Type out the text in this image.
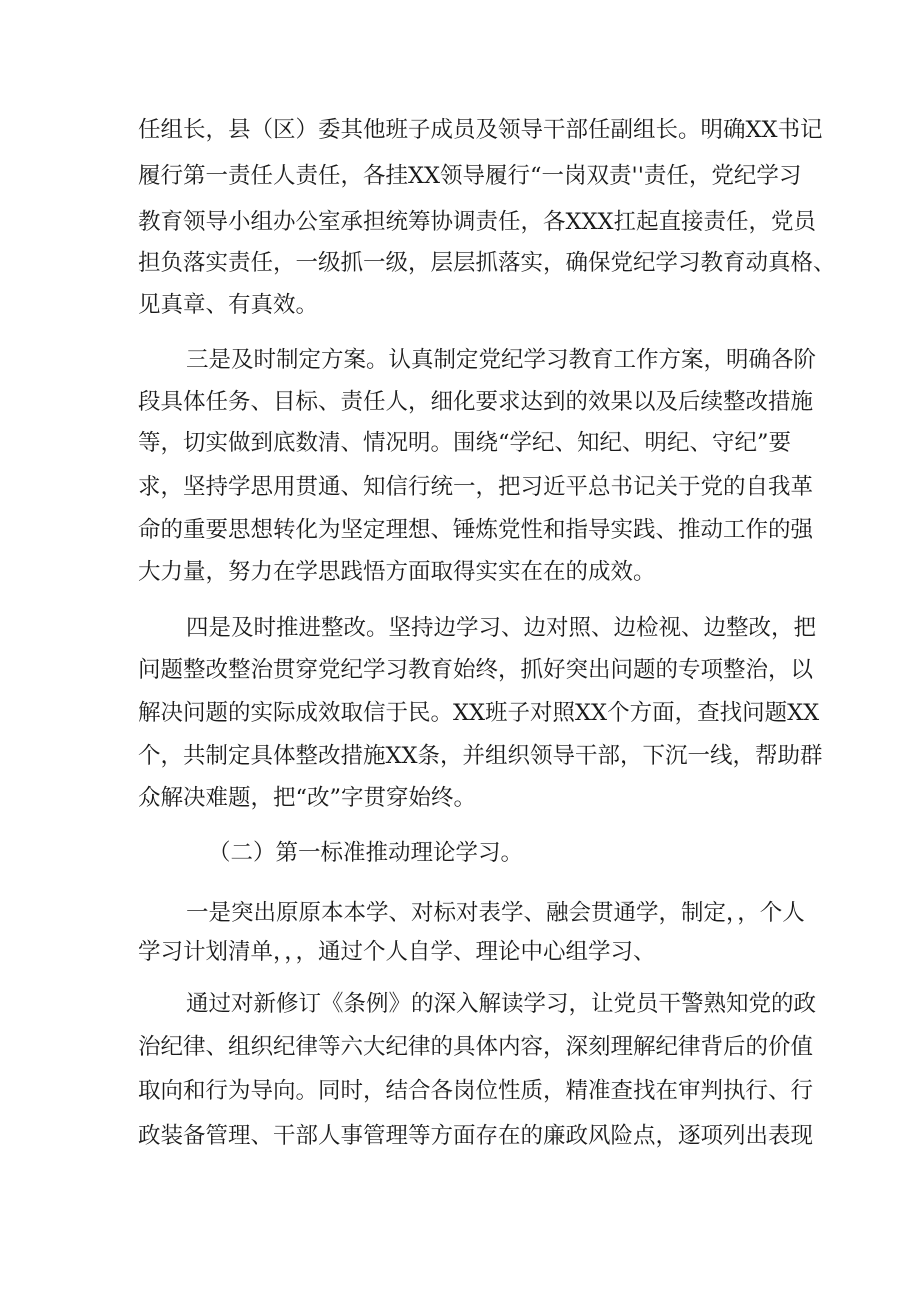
任组长，县（区）委其他班子成员及领导干部任副组长。明确XX书记

履行第一责任人责任，各挂XX领导履行“一岗双责''责任，党纪学习

教育领导小组办公室承担统筹协调责任，各XXX扛起直接责任，党员

担负落实责任，一级抓一级，层层抓落实，确保党纪学习教育动真格、

见真章、有真效。

三是及时制定方案。认真制定党纪学习教育工作方案，明确各阶

段具体任务、目标、责任人，细化要求达到的效果以及后续整改措施

等，切实做到底数清、情况明。围绕“学纪、知纪、明纪、守纪”要

求，坚持学思用贯通、知信行统一，把习近平总书记关于党的自我革

命的重要思想转化为坚定理想、锤炼党性和指导实践、推动工作的强

大力量，努力在学思践悟方面取得实实在在的成效。

四是及时推进整改。坚持边学习、边对照、边检视、边整改，把

问题整改整治贯穿党纪学习教育始终，抓好突出问题的专项整治，以

解决问题的实际成效取信于民。XX班子对照XX个方面，查找问题XX

个，共制定具体整改措施XX条，并组织领导干部，下沉一线，帮助群

众解决难题，把“改”字贯穿始终。

（二）第一标准推动理论学习。

一是突出原原本本学、对标对表学、融会贯通学，制定，，个人

学习计划清单，，，通过个人自学、理论中心组学习、

通过对新修订《条例》的深入解读学习，让党员干警熟知党的政

治纪律、组织纪律等六大纪律的具体内容，深刻理解纪律背后的价值

取向和行为导向。同时，结合各岗位性质，精准查找在审判执行、行

政装备管理、干部人事管理等方面存在的廉政风险点，逐项列出表现
